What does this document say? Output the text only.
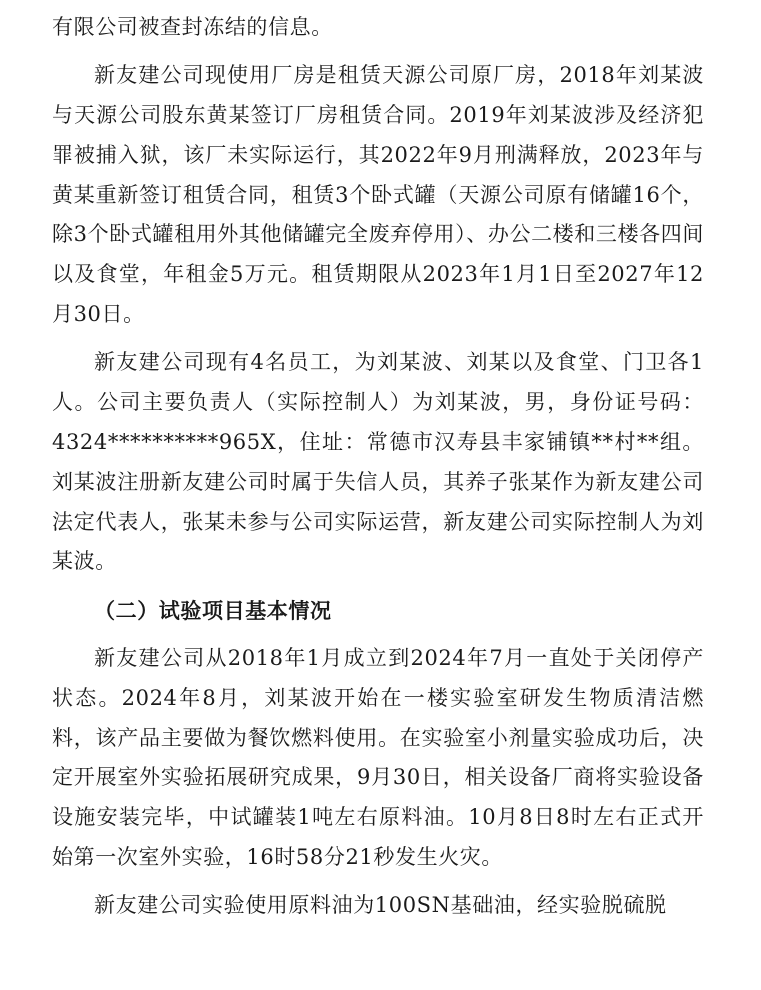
有限公司被查封冻结的信息。

新友建公司现使用厂房是租赁天源公司原厂房，2018年刘某波与天源公司股东黄某签订厂房租赁合同。2019年刘某波涉及经济犯罪被捕入狱，该厂未实际运行，其2022年9月刑满释放，2023年与黄某重新签订租赁合同，租赁3个卧式罐（天源公司原有储罐16个，除3个卧式罐租用外其他储罐完全废弃停用）、办公二楼和三楼各四间以及食堂，年租金5万元。租赁期限从2023年1月1日至2027年12月30日。

新友建公司现有4名员工，为刘某波、刘某以及食堂、门卫各1人。公司主要负责人（实际控制人）为刘某波，男，身份证号码：4324**********965X，住址：常德市汉寿县丰家铺镇**村**组。刘某波注册新友建公司时属于失信人员，其养子张某作为新友建公司法定代表人，张某未参与公司实际运营，新友建公司实际控制人为刘某波。

（二）试验项目基本情况

新友建公司从2018年1月成立到2024年7月一直处于关闭停产状态。2024年8月，刘某波开始在一楼实验室研发生物质清洁燃料，该产品主要做为餐饮燃料使用。在实验室小剂量实验成功后，决定开展室外实验拓展研究成果，9月30日，相关设备厂商将实验设备设施安装完毕，中试罐装1吨左右原料油。10月8日8时左右正式开始第一次室外实验，16时58分21秒发生火灾。

新友建公司实验使用原料油为100SN基础油，经实验脱硫脱
